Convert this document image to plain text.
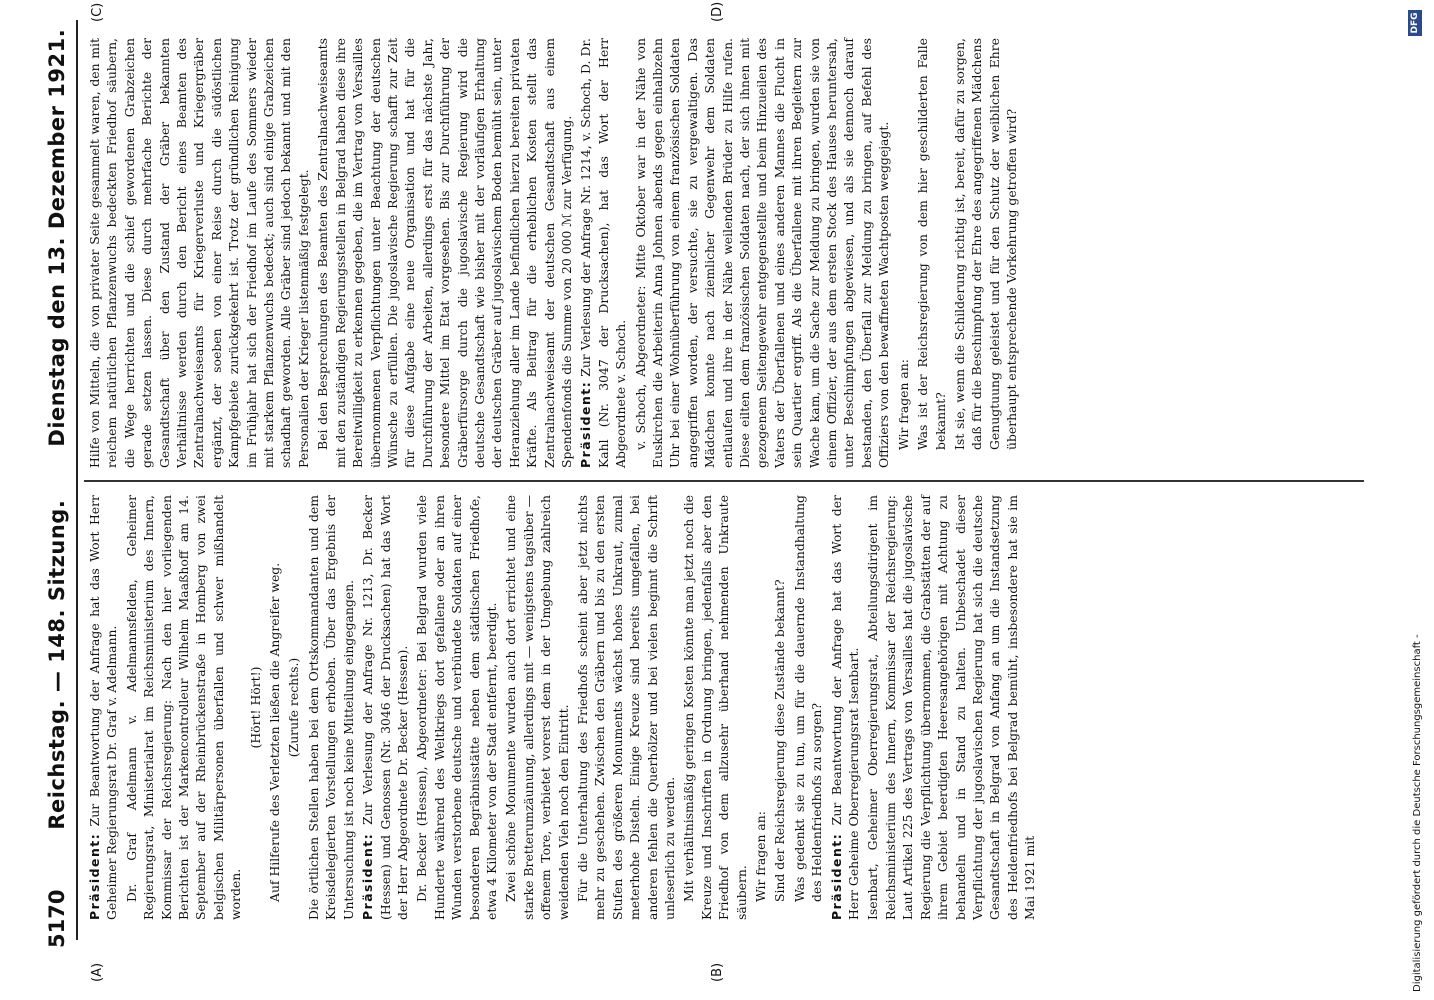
5170
Reichstag. — 148. Sitzung.
Dienstag den 13. Dezember 1921.
(A)	(B)
(C)	(D)

Präsident: Zur Beantwortung der Anfrage hat das Wort Herr Geheimer Regierungsrat Dr. Graf v. Adelmann. Dr. Graf Adelmann v. Adelmannsfelden, Geheimer Regierungsrat, Ministerialrat im Reichsministerium des Innern, Kommissar der Reichsregierung: Nach den hier vorliegenden Berichten ist der Markencontrolleur Wilhelm Maaßhoff am 14. September auf der Rheinbrückenstraße in Homberg von zwei belgischen Militärpersonen überfallen und schwer mißhandelt worden.

(Hört! Hört!) Auf Hilferufe des Verletzten ließen die Angreifer weg. (Zurufe rechts.) Die örtlichen Stellen haben bei dem Ortskommandanten und dem Kreisdelegierten Vorstellungen erhoben. Über das Ergebnis der Untersuchung ist noch keine Mitteilung eingegangen. Präsident: Zur Verlesung der Anfrage Nr. 1213, Dr. Becker (Hessen) und Genossen (Nr. 3046 der Drucksachen) hat das Wort der Herr Abgeordnete Dr. Becker (Hessen). Dr. Becker (Hessen), Abgeordneter: Bei Belgrad wurden viele Hunderte während des Weltkriegs dort gefallene oder an ihren Wunden verstorbene deutsche und verbündete Soldaten auf einer besonderen Begräbnisstätte neben dem städtischen Friedhofe, etwa 4 Kilometer von der Stadt entfernt, beerdigt. Zwei schöne Monumente wurden auch dort errichtet und eine starke Bretterumzäunung, allerdings mit — wenigstens tagsüber — offenem Tore, verbietet vorerst dem in der Umgebung zahlreich weidenden Vieh noch den Eintritt. Für die Unterhaltung des Friedhofs scheint aber jetzt nichts mehr zu geschehen. Zwischen den Gräbern und bis zu den ersten Stufen des größeren Monuments wächst hohes Unkraut, zumal meterhohe Disteln. Einige Kreuze sind bereits umgefallen, bei anderen fehlen die Querhölzer und bei vielen beginnt die Schrift unleserlich zu werden. Mit verhältnismäßig geringen Kosten könnte man jetzt noch die Kreuze und Inschriften in Ordnung bringen, jedenfalls aber den Friedhof von dem allzusehr überhand nehmenden Unkraute säubern. Wir fragen an: Sind der Reichsregierung diese Zustände bekannt? Was gedenkt sie zu tun, um für die dauernde Instandhaltung des Heldenfriedhofs zu sorgen? Präsident: Zur Beantwortung der Anfrage hat das Wort der Herr Geheime Oberregierungsrat Isenbart. Isenbart, Geheimer Oberregierungsrat, Abteilungsdirigent im Reichsministerium des Innern, Kommissar der Reichsregierung: Laut Artikel 225 des Vertrags von Versailles hat die jugoslavische Regierung die Verpflichtung übernommen, die Grabstätten der auf ihrem Gebiet beerdigten Heeresangehörigen mit Achtung zu behandeln und in Stand zu halten. Unbeschadet dieser Verpflichtung der jugoslavischen Regierung hat sich die deutsche Gesandtschaft in Belgrad von Anfang an um die Instandsetzung des Heldenfriedhofs bei Belgrad bemüht, insbesondere hat sie im Mai 1921 mit

Hilfe von Mitteln, die von privater Seite gesammelt waren, den mit reichem natürlichen Pflanzenwuchs bedeckten Friedhof säubern, die Wege herrichten und die schief gewordenen Grabzeichen gerade setzen lassen. Diese durch mehrfache Berichte der Gesandtschaft über den Zustand der Gräber bekannten Verhältnisse werden durch den Bericht eines Beamten des Zentralnachweiseamts für Kriegerverluste und Kriegergräber ergänzt, der soeben von einer Reise durch die südöstlichen Kampfgebiete zurückgekehrt ist. Trotz der gründlichen Reinigung im Frühjahr hat sich der Friedhof im Laufe des Sommers wieder mit starkem Pflanzenwuchs bedeckt; auch sind einige Grabzeichen schadhaft geworden. Alle Gräber sind jedoch bekannt und mit den Personalien der Krieger listenmäßig festgelegt. Bei den Besprechungen des Beamten des Zentralnachweiseamts mit den zuständigen Regierungsstellen in Belgrad haben diese ihre Bereitwilligkeit zu erkennen gegeben, die im Vertrag von Versailles übernommenen Verpflichtungen unter Beachtung der deutschen Wünsche zu erfüllen. Die jugoslavische Regierung schafft zur Zeit für diese Aufgabe eine neue Organisation und hat für die Durchführung der Arbeiten, allerdings erst für das nächste Jahr, besondere Mittel im Etat vorgesehen. Bis zur Durchführung der Gräberfürsorge durch die jugoslavische Regierung wird die deutsche Gesandtschaft wie bisher mit der vorläufigen Erhaltung der deutschen Gräber auf jugoslavischem Boden bemüht sein, unter Heranziehung aller im Lande befindlichen hierzu bereiten privaten Kräfte. Als Beitrag für die erheblichen Kosten stellt das Zentralnachweiseamt der deutschen Gesandtschaft aus einem Spendenfonds die Summe von 20 000 ℳ zur Verfügung. Präsident: Zur Verlesung der Anfrage Nr. 1214, v. Schoch, D. Dr. Kahl (Nr. 3047 der Drucksachen), hat das Wort der Herr Abgeordnete v. Schoch. v. Schoch, Abgeordneter: Mitte Oktober war in der Nähe von Euskirchen die Arbeiterin Anna Johnen abends gegen einhalbzehn Uhr bei einer Wohnüberführung von einem französischen Soldaten angegriffen worden, der versuchte, sie zu vergewaltigen. Das Mädchen konnte nach ziemlicher Gegenwehr dem Soldaten entlaufen und ihre in der Nähe weilenden Brüder zu Hilfe rufen. Diese eilten dem französischen Soldaten nach, der sich ihnen mit gezogenem Seitengewehr entgegenstellte und beim Hinzueilen des Vaters der Überfallenen und eines anderen Mannes die Flucht in sein Quartier ergriff. Als die Überfallene mit ihren Begleitern zur Wache kam, um die Sache zur Meldung zu bringen, wurden sie von einem Offizier, der aus dem ersten Stock des Hauses heruntersah, unter Beschimpfungen abgewiesen, und als sie dennoch darauf bestanden, den Überfall zur Meldung zu bringen, auf Befehl des Offiziers von den bewaffneten Wachtposten weggejagt. Wir fragen an: Was ist der Reichsregierung von dem hier geschilderten Falle bekannt? Ist sie, wenn die Schilderung richtig ist, bereit, dafür zu sorgen, daß für die Beschimpfung der Ehre des angegriffenen Mädchens Genugtuung geleistet und für den Schutz der weiblichen Ehre überhaupt entsprechende Vorkehrung getroffen wird?

Digitalisierung gefördert durch die Deutsche Forschungsgemeinschaft -
DFG
